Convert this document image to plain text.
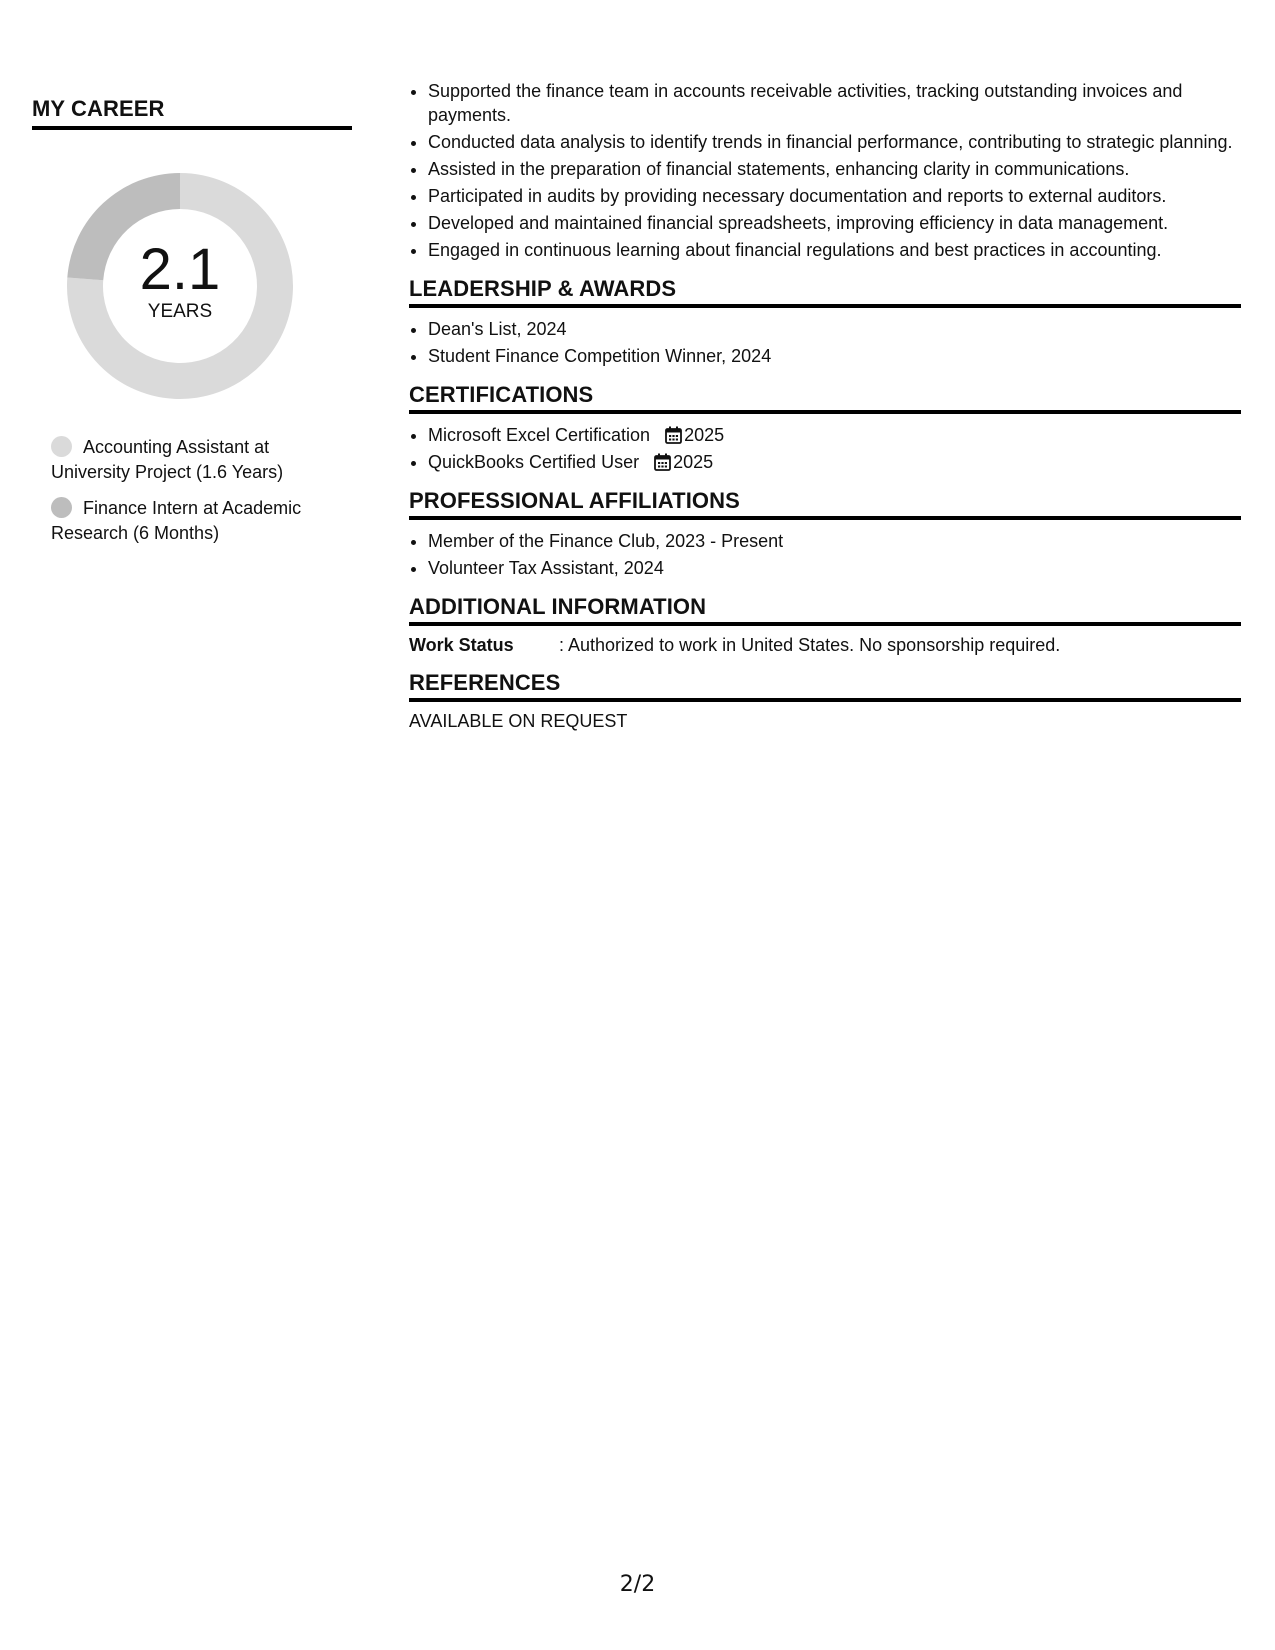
MY CAREER
2.1
YEARS
Accounting Assistant at University Project (1.6 Years)
Finance Intern at Academic Research (6 Months)
• Supported the finance team in accounts receivable activities, tracking outstanding invoices and payments.
• Conducted data analysis to identify trends in financial performance, contributing to strategic planning.
• Assisted in the preparation of financial statements, enhancing clarity in communications.
• Participated in audits by providing necessary documentation and reports to external auditors.
• Developed and maintained financial spreadsheets, improving efficiency in data management.
• Engaged in continuous learning about financial regulations and best practices in accounting.
LEADERSHIP & AWARDS
• Dean's List, 2024
• Student Finance Competition Winner, 2024
CERTIFICATIONS
• Microsoft Excel Certification 2025
• QuickBooks Certified User 2025
PROFESSIONAL AFFILIATIONS
• Member of the Finance Club, 2023 - Present
• Volunteer Tax Assistant, 2024
ADDITIONAL INFORMATION
Work Status	: Authorized to work in United States. No sponsorship required.
REFERENCES
AVAILABLE ON REQUEST
2/2
